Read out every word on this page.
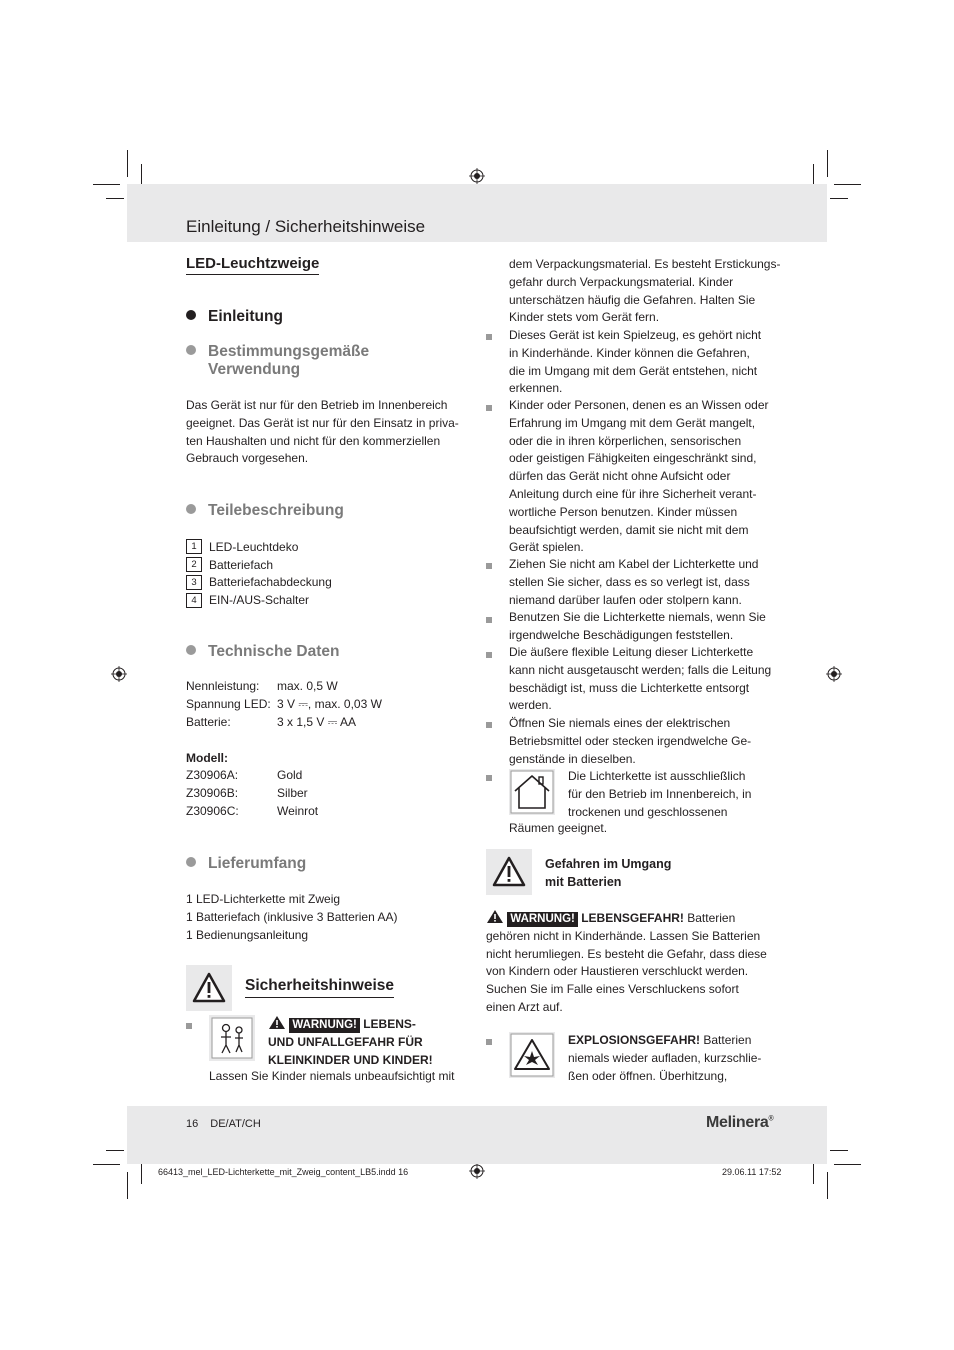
Einleitung / Sicherheitshinweise
LED-Leuchtzweige
Einleitung
Bestimmungsgemäße
Verwendung
Das Gerät ist nur für den Betrieb im Innenbereich
geeignet. Das Gerät ist nur für den Einsatz in priva-
ten Haushalten und nicht für den kommerziellen
Gebrauch vorgesehen.
Teilebeschreibung
1	LED-Leuchtdeko
2	Batteriefach
3	Batteriefachabdeckung
4	EIN-/AUS-Schalter
Technische Daten
Nennleistung:	max. 0,5 W
Spannung LED:	3 V ⎓, max. 0,03 W
Batterie:	3 x 1,5 V ⎓ AA
Modell:
Z30906A:	Gold
Z30906B:	Silber
Z30906C:	Weinrot
Lieferumfang
1 LED-Lichterkette mit Zweig
1 Batteriefach (inklusive 3 Batterien AA)
1 Bedienungsanleitung
Sicherheitshinweise
WARNUNG! LEBENS-
UND UNFALLGEFAHR FÜR
KLEINKINDER UND KINDER!
Lassen Sie Kinder niemals unbeaufsichtigt mit
dem Verpackungsmaterial. Es besteht Erstickungs-
gefahr durch Verpackungsmaterial. Kinder
unterschätzen häufig die Gefahren. Halten Sie
Kinder stets vom Gerät fern.
Dieses Gerät ist kein Spielzeug, es gehört nicht
in Kinderhände. Kinder können die Gefahren,
die im Umgang mit dem Gerät entstehen, nicht
erkennen.
Kinder oder Personen, denen es an Wissen oder
Erfahrung im Umgang mit dem Gerät mangelt,
oder die in ihren körperlichen, sensorischen
oder geistigen Fähigkeiten eingeschränkt sind,
dürfen das Gerät nicht ohne Aufsicht oder
Anleitung durch eine für ihre Sicherheit verant-
wortliche Person benutzen. Kinder müssen
beaufsichtigt werden, damit sie nicht mit dem
Gerät spielen.
Ziehen Sie nicht am Kabel der Lichterkette und
stellen Sie sicher, dass es so verlegt ist, dass
niemand darüber laufen oder stolpern kann.
Benutzen Sie die Lichterkette niemals, wenn Sie
irgendwelche Beschädigungen feststellen.
Die äußere flexible Leitung dieser Lichterkette
kann nicht ausgetauscht werden; falls die Leitung
beschädigt ist, muss die Lichterkette entsorgt
werden.
Öffnen Sie niemals eines der elektrischen
Betriebsmittel oder stecken irgendwelche Ge-
genstände in dieselben.
Die Lichterkette ist ausschließlich
für den Betrieb im Innenbereich, in
trockenen und geschlossenen
Räumen geeignet.
Gefahren im Umgang
mit Batterien
WARNUNG! LEBENSGEFAHR! Batterien
gehören nicht in Kinderhände. Lassen Sie Batterien
nicht herumliegen. Es besteht die Gefahr, dass diese
von Kindern oder Haustieren verschluckt werden.
Suchen Sie im Falle eines Verschluckens sofort
einen Arzt auf.
EXPLOSIONSGEFAHR! Batterien
niemals wieder aufladen, kurzschlie-
ßen oder öffnen. Überhitzung,
16 DE/AT/CH	Melinera®
66413_mel_LED-Lichterkette_mit_Zweig_content_LB5.indd 16	29.06.11 17:52
